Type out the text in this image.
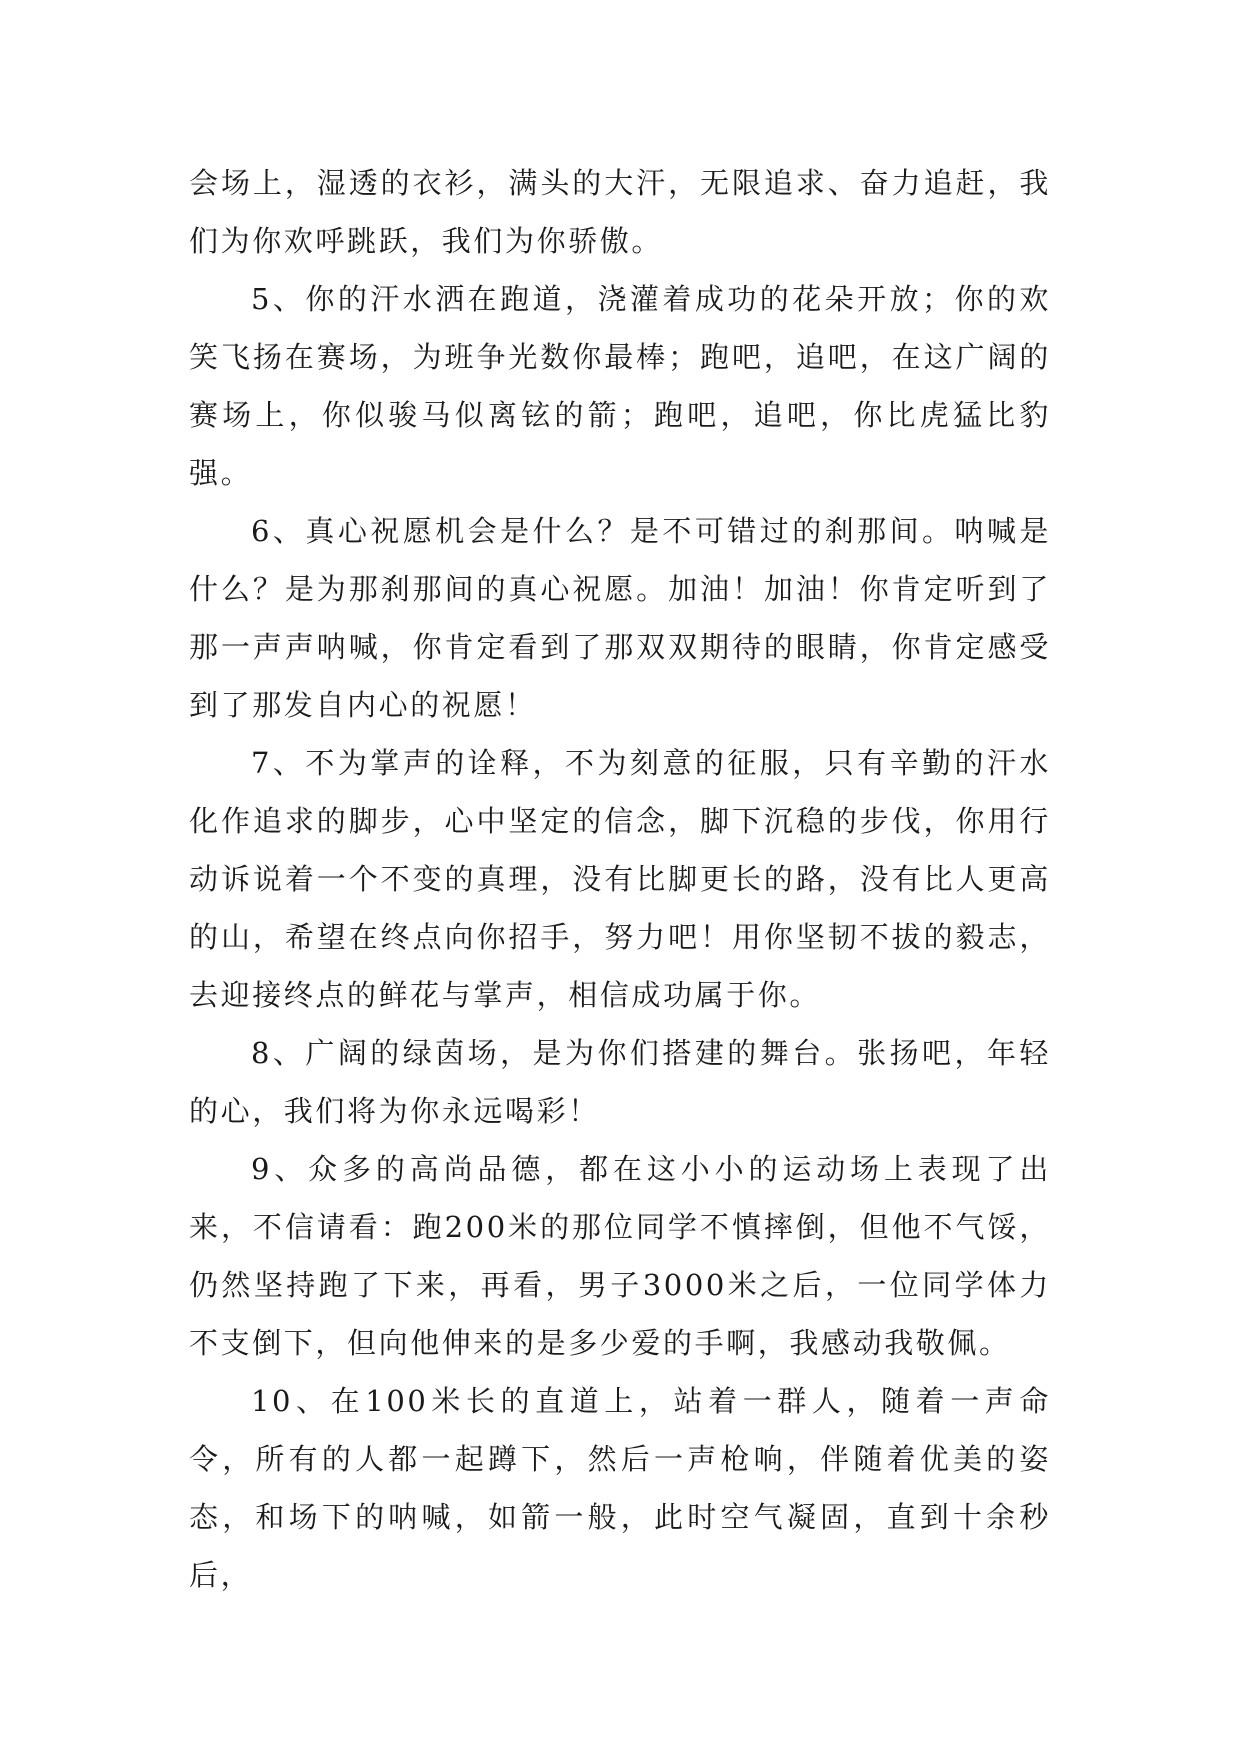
会场上，湿透的衣衫，满头的大汗，无限追求、奋力追赶，我们为你欢呼跳跃，我们为你骄傲。

5、你的汗水洒在跑道，浇灌着成功的花朵开放；你的欢笑飞扬在赛场，为班争光数你最棒；跑吧，追吧，在这广阔的赛场上，你似骏马似离铉的箭；跑吧，追吧，你比虎猛比豹强。

6、真心祝愿机会是什么？是不可错过的刹那间。呐喊是什么？是为那刹那间的真心祝愿。加油！加油！你肯定听到了那一声声呐喊，你肯定看到了那双双期待的眼睛，你肯定感受到了那发自内心的祝愿！

7、不为掌声的诠释，不为刻意的征服，只有辛勤的汗水化作追求的脚步，心中坚定的信念，脚下沉稳的步伐，你用行动诉说着一个不变的真理，没有比脚更长的路，没有比人更高的山，希望在终点向你招手，努力吧！用你坚韧不拔的毅志，去迎接终点的鲜花与掌声，相信成功属于你。

8、广阔的绿茵场，是为你们搭建的舞台。张扬吧，年轻的心，我们将为你永远喝彩！

9、众多的高尚品德，都在这小小的运动场上表现了出来，不信请看：跑200米的那位同学不慎摔倒，但他不气馁，仍然坚持跑了下来，再看，男子3000米之后，一位同学体力不支倒下，但向他伸来的是多少爱的手啊，我感动我敬佩。

10、在100米长的直道上，站着一群人，随着一声命令，所有的人都一起蹲下，然后一声枪响，伴随着优美的姿态，和场下的呐喊，如箭一般，此时空气凝固，直到十余秒后，
